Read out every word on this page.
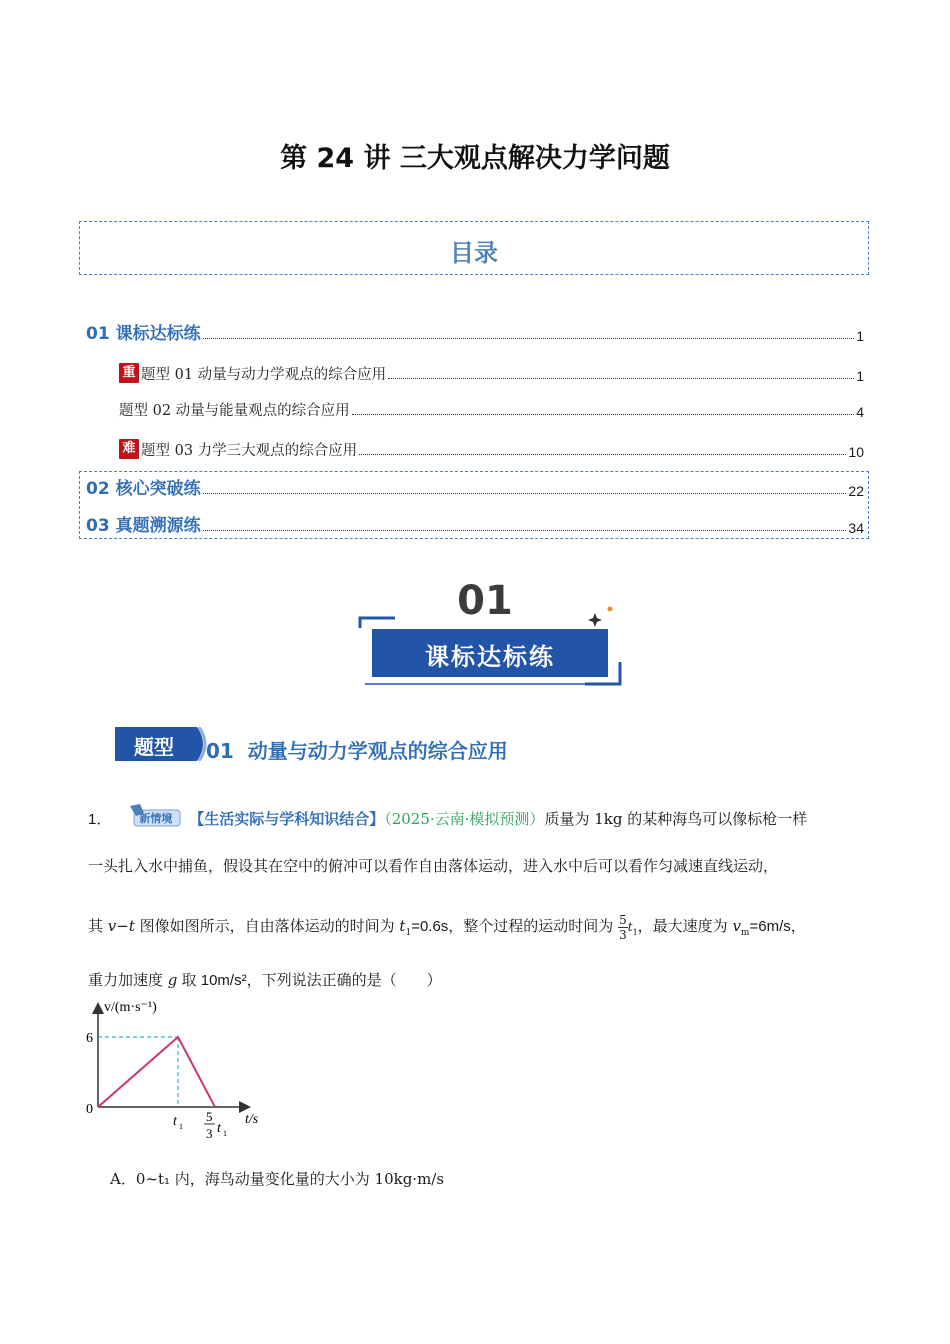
第 24 讲 三大观点解决力学问题
目录
01 课标达标练	1
重 题型 01 动量与动力学观点的综合应用	1
题型 02 动量与能量观点的综合应用	4
难 题型 03 力学三大观点的综合应用	10
02 核心突破练	22
03 真题溯源练	34
01
课标达标练
题型	01 动量与动力学观点的综合应用
1．	新情境 【生活实际与学科知识结合】（2025·云南·模拟预测）质量为 1kg 的某种海鸟可以像标枪一样
一头扎入水中捕鱼，假设其在空中的俯冲可以看作自由落体运动，进入水中后可以看作匀减速直线运动，
其 v−t 图像如图所示，自由落体运动的时间为 $t_1=0.6s$，整个过程的运动时间为 $\frac{5}{3} t_1$，最大速度为 $v_m=6m/s$，
重力加速度 g 取 10m/s²，下列说法正确的是（　　）
v/(m·s⁻¹)
6
0
t 1
5
3 t 1
t/s
A．0~t₁ 内，海鸟动量变化量的大小为 10kg·m/s
